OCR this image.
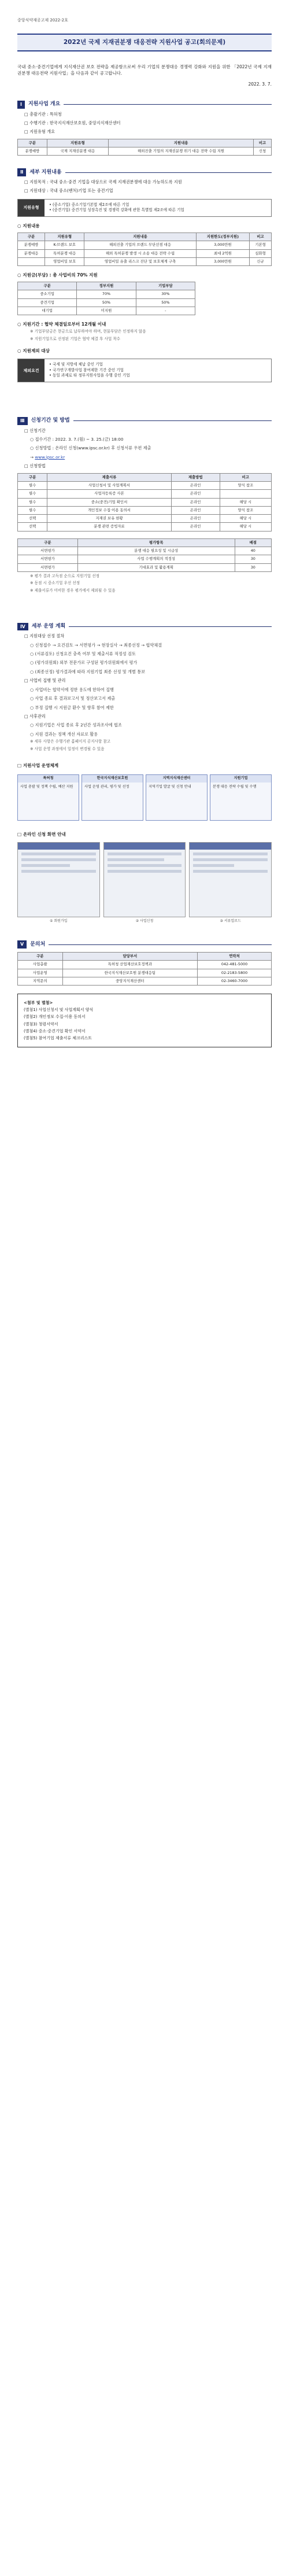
중앙식약재공고제 2022-2호
2022년 국제 지재권분쟁 대응전략 지원사업 공고(회의문제)
국내 중소·중견기업에게 지식재산권 보호 전략을 제공함으로써 우리 기업의 분쟁대응 경쟁력 강화와 지원을 위한 「2022년 국제 지재권분쟁 대응전략 지원사업」을 다음과 같이 공고합니다.
2022. 3. 7.
Ⅰ	지원사업 개요
□ 총괄기관 : 특허청
□ 수행기관 : 한국지식재산보호원, 중앙지식재산센터
□ 지원유형 개요
구분	지원유형	지원내용	비고
분쟁예방	국제 지재권분쟁 대응	해외진출 기업의 지재권분쟁 위기 대응 전략 수립 지원	신청
Ⅱ	세부 지원내용
□ 지원목적 : 국내 중소·중견 기업을 대상으로 국제 지재권분쟁에 대응 가능하도록 지원
□ 지원대상 : 국내 중소(벤처)기업 또는 중견기업
지원유형
• (중소기업) 중소기업기본법 제2조에 따른 기업
• (중견기업) 중견기업 성장촉진 및 경쟁력 강화에 관한 특별법 제2조에 따른 기업
○ 지원내용
구분	지원유형	지원내용	지원한도(정부지원)	비고
분쟁예방	K-브랜드 보호	해외진출 기업의 브랜드 무단선점 대응	3,000만원	기본형
분쟁대응	특허분쟁 대응	해외 특허분쟁 발생 시 소송 대응 전략 수립	최대 2억원	심화형
	영업비밀 보호	영업비밀 유출 리스크 진단 및 보호체계 구축	3,000만원	신규
○ 지원금(부담) : 총 사업비의 70% 지원
구분	정부지원	기업부담
중소기업	70%	30%
중견기업	50%	50%
대기업	미지원	-
○ 지원기간 : 협약 체결일로부터 12개월 이내
※ 기업부담금은 현금으로 납부하여야 하며, 현물부담은 인정하지 않음
※ 지원기업으로 선정된 기업은 협약 체결 후 사업 착수
○ 지원제외 대상
제외요건
• 국세 및 지방세 체납 중인 기업
• 국가연구개발사업 참여제한 기간 중인 기업
• 동일 과제로 타 정부지원사업을 수행 중인 기업
Ⅲ	신청기간 및 방법
□ 신청기간
○ 접수기간 : 2022. 3. 7.(월) ~ 3. 25.(금) 18:00
○ 신청방법 : 온라인 신청(www.ipsc.or.kr) 후 신청서류 우편 제출
→ www.ipsc.or.kr
□ 신청방법
구분	제출서류	제출방법	비고
필수	사업신청서 및 사업계획서	온라인	양식 참조
필수	사업자등록증 사본	온라인	
필수	중소(중견)기업 확인서	온라인	해당 시
필수	개인정보 수집·이용 동의서	온라인	양식 참조
선택	지재권 보유 현황	온라인	해당 시
선택	분쟁 관련 증빙자료	온라인	해당 시
구분	평가항목	배점
서면평가	분쟁 대응 필요성 및 시급성	40
서면평가	사업 수행계획의 적정성	30
서면평가	기대효과 및 활용계획	30
※ 평가 결과 고득점 순으로 지원기업 선정
※ 동점 시 중소기업 우선 선정
※ 제출서류가 미비한 경우 평가에서 제외될 수 있음
Ⅳ	세부 운영 계획
□ 지원대상 선정 절차
○ 신청접수 → 요건검토 → 서면평가 → 현장실사 → 최종선정 → 협약체결
○ (서류검토) 신청요건 충족 여부 및 제출서류 적정성 검토
○ (평가위원회) 외부 전문가로 구성된 평가위원회에서 평가
○ (최종선정) 평가결과에 따라 지원기업 최종 선정 및 개별 통보
□ 사업비 집행 및 관리
○ 사업비는 협약서에 정한 용도에 한하여 집행
○ 사업 종료 후 결과보고서 및 정산보고서 제출
○ 부정 집행 시 지원금 환수 및 향후 참여 제한
□ 사후관리
○ 지원기업은 사업 종료 후 2년간 성과조사에 협조
○ 지원 결과는 정책 개선 자료로 활용
※ 세부 사항은 수행기관 홈페이지 공지사항 참고
※ 사업 운영 과정에서 일정이 변경될 수 있음
□ 지원사업 운영체계
특허청
사업 총괄 및 정책 수립, 예산 지원
한국지식재산보호원
사업 운영 관리, 평가 및 선정
지역지식재산센터
지역기업 발굴 및 신청 안내
지원기업
분쟁 대응 전략 수립 및 수행
□ 온라인 신청 화면 안내
① 회원가입	② 사업신청	③ 서류업로드
Ⅴ	문의처
구분	담당부서	연락처
사업총괄	특허청 산업재산보호정책과	042-481-5000
사업운영	한국지식재산보호원 분쟁대응팀	02-2183-5800
지역문의	중앙지식재산센터	02-3460-7000
<첨부 및 별첨>
(별첨1) 사업신청서 및 사업계획서 양식
(별첨2) 개인정보 수집·이용 동의서
(별첨3) 청렴서약서
(별첨4) 중소·중견기업 확인 서약서
(별첨5) 참여기업 제출서류 체크리스트
